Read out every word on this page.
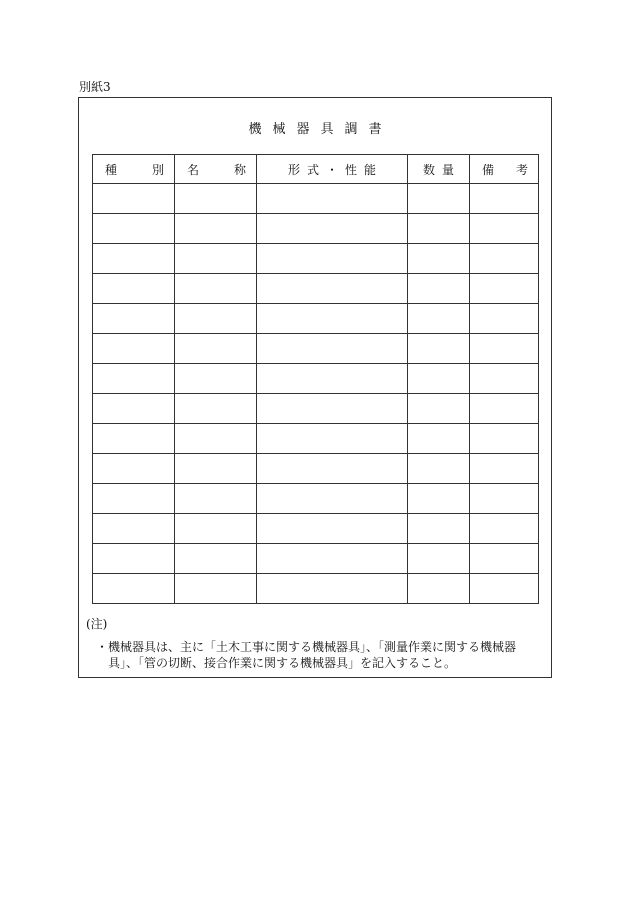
別紙3
機械器具調書
種 別	名 称	形式・性能	数量	備 考

(注)
・ 機械器具は、主に「土木工事に関する機械器具」、「測量作業に関する機械器具」、「管の切断、接合作業に関する機械器具」を記入すること。
